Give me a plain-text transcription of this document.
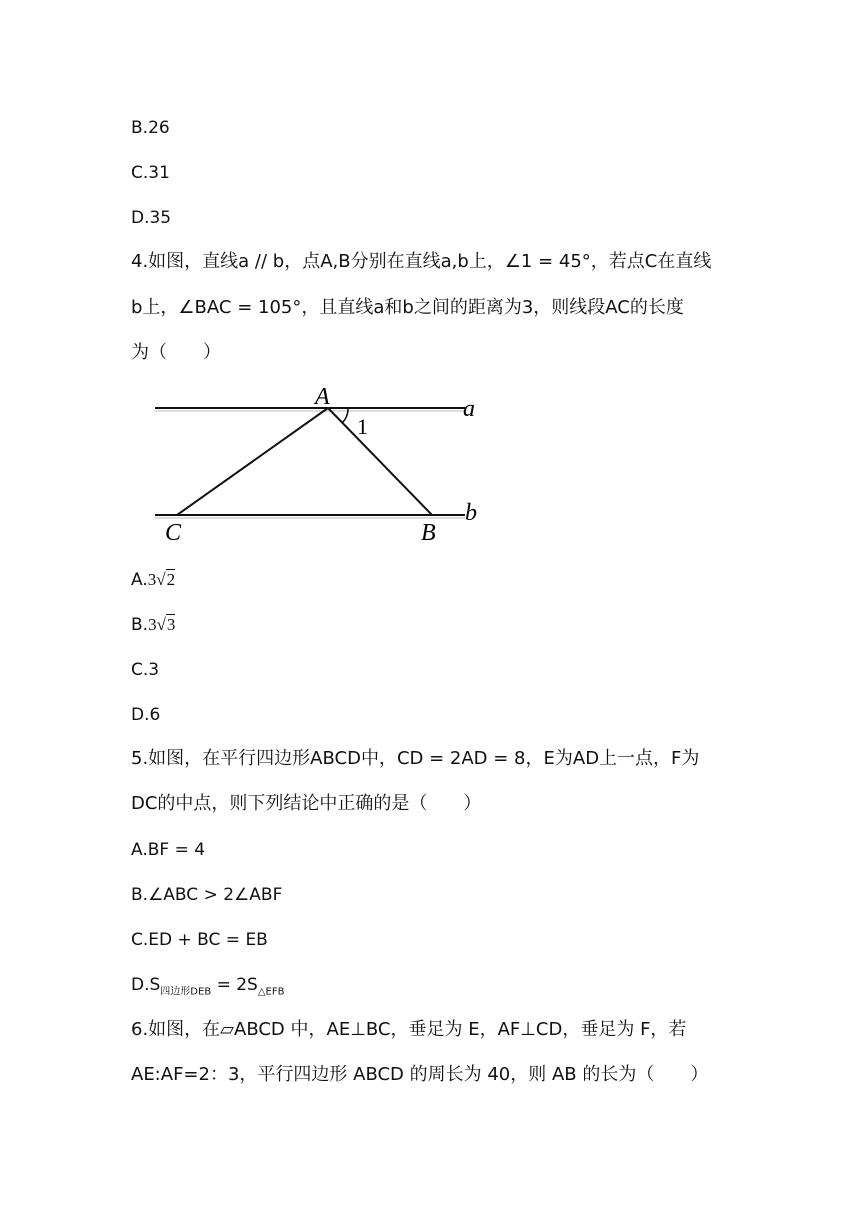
B.26
C.31
D.35
4.如图，直线a // b，点A,B分别在直线a,b上，∠1 = 45°，若点C在直线
b上，∠BAC = 105°，且直线a和b之间的距离为3，则线段AC的长度
为（　　）
A
1
a
C	B
b
A.3√2
B.3√3
C.3
D.6
5.如图，在平行四边形ABCD中，CD = 2AD = 8，E为AD上一点，F为
DC的中点，则下列结论中正确的是（　　）
A.BF = 4
B.∠ABC > 2∠ABF
C.ED + BC = EB
$D.S_{四边形DEB} = 2S_{\triangle EFB}$
6.如图，在▱ABCD 中，AE⊥BC，垂足为 E，AF⊥CD，垂足为 F，若
AE:AF=2：3，平行四边形 ABCD 的周长为 40，则 AB 的长为（　　）
